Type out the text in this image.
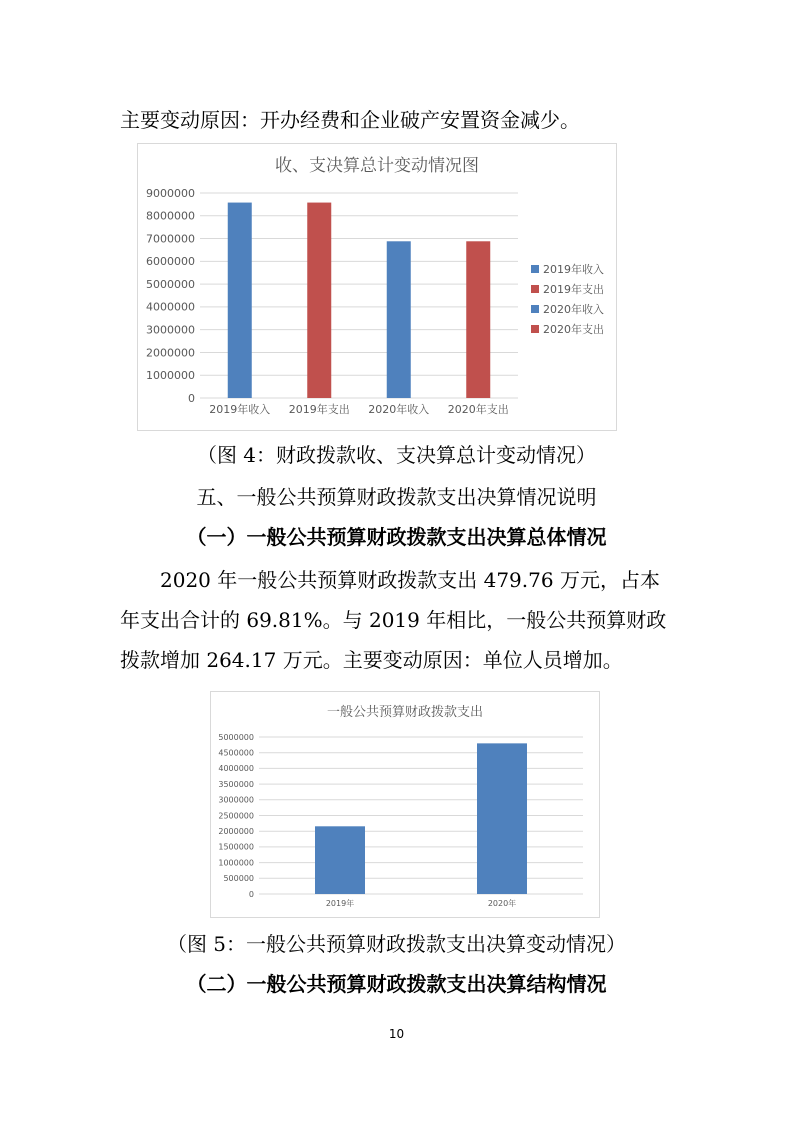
主要变动原因：开办经费和企业破产安置资金减少。
收、支决算总计变动情况图
0
1000000
2000000
3000000
4000000
5000000
6000000
7000000
8000000
9000000
2019年收入 2019年支出 2020年收入 2020年支出
2019年收入
2019年支出
2020年收入
2020年支出
（图 4：财政拨款收、支决算总计变动情况）
五、一般公共预算财政拨款支出决算情况说明
（一）一般公共预算财政拨款支出决算总体情况
2020 年一般公共预算财政拨款支出 479.76 万元，占本
年支出合计的 69.81%。与 2019 年相比，一般公共预算财政
拨款增加 264.17 万元。主要变动原因：单位人员增加。
一般公共预算财政拨款支出
0
500000
1000000
1500000
2000000
2500000
3000000
3500000
4000000
4500000
5000000
2019年	2020年
（图 5：一般公共预算财政拨款支出决算变动情况）
（二）一般公共预算财政拨款支出决算结构情况
10
